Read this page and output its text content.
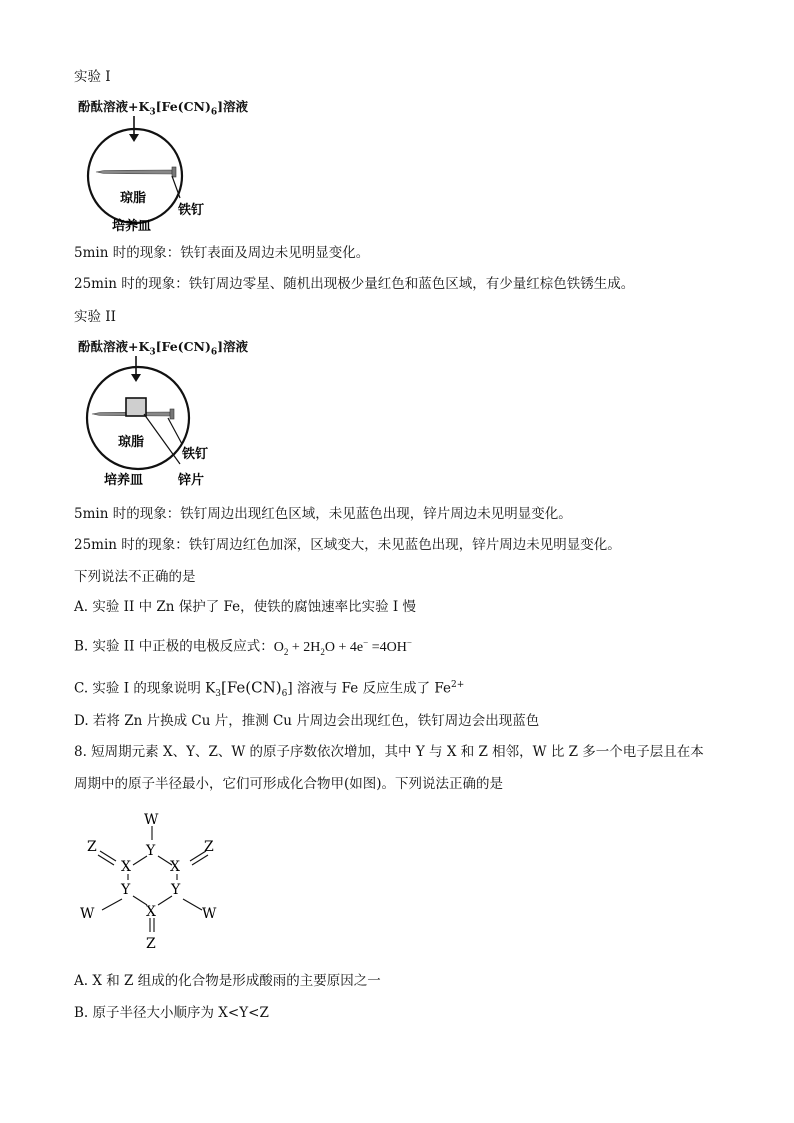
实验 I
酚酞溶液$+K_3[Fe(CN)_6]$溶液
琼脂
铁钉
培养皿
5min 时的现象：铁钉表面及周边未见明显变化。
25min 时的现象：铁钉周边零星、随机出现极少量红色和蓝色区域，有少量红棕色铁锈生成。
实验 II
酚酞溶液$+K_3[Fe(CN)_6]$溶液
琼脂
铁钉
培养皿	锌片
5min 时的现象：铁钉周边出现红色区域，未见蓝色出现，锌片周边未见明显变化。
25min 时的现象：铁钉周边红色加深，区域变大，未见蓝色出现，锌片周边未见明显变化。
下列说法不正确的是
A. 实验 II 中 Zn 保护了 Fe，使铁的腐蚀速率比实验 I 慢
B. 实验 II 中正极的电极反应式：$O_2 + 2H_2O + 4e^- =4OH^-$
C. 实验 I 的现象说明 $K_3[Fe(CN)_6]$ 溶液与 Fe 反应生成了 $Fe^{2+}$
D. 若将 Zn 片换成 Cu 片，推测 Cu 片周边会出现红色，铁钉周边会出现蓝色
8. 短周期元素 X、Y、Z、W 的原子序数依次增加，其中 Y 与 X 和 Z 相邻，W 比 Z 多一个电子层且在本
周期中的原子半径最小，它们可形成化合物甲(如图)。下列说法正确的是
W
Y
X	X
Z	Z
Y	Y
X
W	W
Z
A. X 和 Z 组成的化合物是形成酸雨的主要原因之一
B. 原子半径大小顺序为 X<Y<Z
